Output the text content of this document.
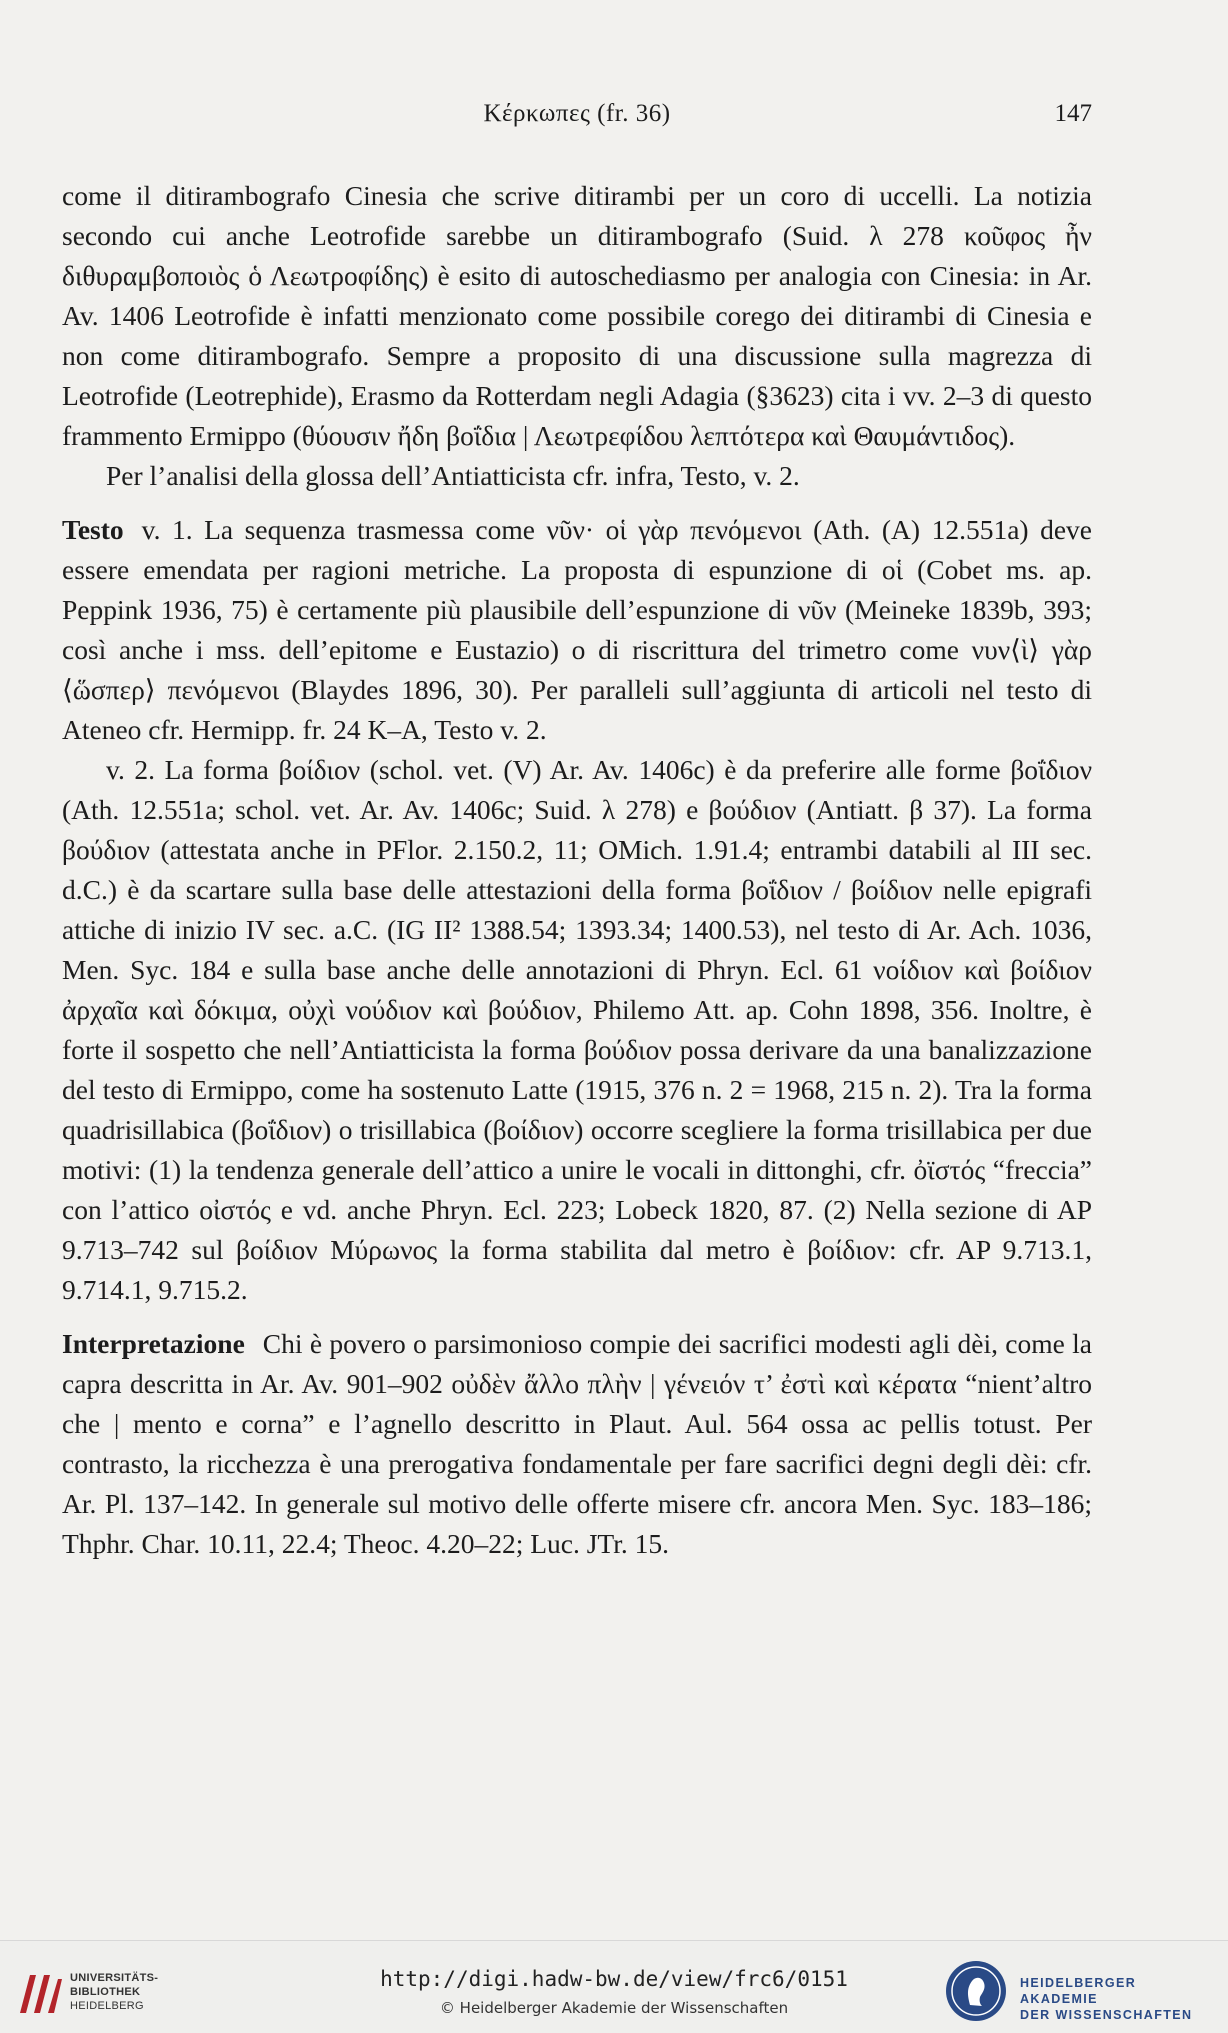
Κέρκωπες (fr. 36)	147

come il ditirambografo Cinesia che scrive ditirambi per un coro di uccelli. La notizia secondo cui anche Leotrofide sarebbe un ditirambografo (Suid. λ 278 κοῦφος ἦν διθυραμβοποιὸς ὁ Λεωτροφίδης) è esito di autoschediasmo per analogia con Cinesia: in Ar. Av. 1406 Leotrofide è infatti menzionato come possibile corego dei ditirambi di Cinesia e non come ditirambografo. Sempre a proposito di una discussione sulla magrezza di Leotrofide (Leotrephide), Erasmo da Rotterdam negli Adagia (§3623) cita i vv. 2–3 di questo frammento Ermippo (θύουσιν ἤδη βοΐδια | Λεωτρεφίδου λεπτότερα καὶ Θαυμάντιδος).

Per l’analisi della glossa dell’Antiatticista cfr. infra, Testo, v. 2.

Testo v. 1. La sequenza trasmessa come νῦν· οἱ γὰρ πενόμενοι (Ath. (A) 12.551a) deve essere emendata per ragioni metriche. La proposta di espunzione di οἱ (Cobet ms. ap. Peppink 1936, 75) è certamente più plausibile dell’espunzione di νῦν (Meineke 1839b, 393; così anche i mss. dell’epitome e Eustazio) o di riscrittura del trimetro come νυν⟨ὶ⟩ γὰρ ⟨ὥσπερ⟩ πενόμενοι (Blaydes 1896, 30). Per paralleli sull’aggiunta di articoli nel testo di Ateneo cfr. Hermipp. fr. 24 K–A, Testo v. 2.

v. 2. La forma βοίδιον (schol. vet. (V) Ar. Av. 1406c) è da preferire alle forme βοΐδιον (Ath. 12.551a; schol. vet. Ar. Av. 1406c; Suid. λ 278) e βούδιον (Antiatt. β 37). La forma βούδιον (attestata anche in PFlor. 2.150.2, 11; OMich. 1.91.4; entrambi databili al III sec. d.C.) è da scartare sulla base delle attestazioni della forma βοΐδιον / βοίδιον nelle epigrafi attiche di inizio IV sec. a.C. (IG II² 1388.54; 1393.34; 1400.53), nel testo di Ar. Ach. 1036, Men. Syc. 184 e sulla base anche delle annotazioni di Phryn. Ecl. 61 νοίδιον καὶ βοίδιον ἀρχαῖα καὶ δόκιμα, οὐχὶ νούδιον καὶ βούδιον, Philemo Att. ap. Cohn 1898, 356. Inoltre, è forte il sospetto che nell’Antiatticista la forma βούδιον possa derivare da una banalizzazione del testo di Ermippo, come ha sostenuto Latte (1915, 376 n. 2 = 1968, 215 n. 2). Tra la forma quadrisillabica (βοΐδιον) o trisillabica (βοίδιον) occorre scegliere la forma trisillabica per due motivi: (1) la tendenza generale dell’attico a unire le vocali in dittonghi, cfr. ὀϊστός “freccia” con l’attico οἰστός e vd. anche Phryn. Ecl. 223; Lobeck 1820, 87. (2) Nella sezione di AP 9.713–742 sul βοίδιον Μύρωνος la forma stabilita dal metro è βοίδιον: cfr. AP 9.713.1, 9.714.1, 9.715.2.

Interpretazione Chi è povero o parsimonioso compie dei sacrifici modesti agli dèi, come la capra descritta in Ar. Av. 901–902 οὐδὲν ἄλλο πλὴν | γένειόν τ’ ἐστὶ καὶ κέρατα “nient’altro che | mento e corna” e l’agnello descritto in Plaut. Aul. 564 ossa ac pellis totust. Per contrasto, la ricchezza è una prerogativa fondamentale per fare sacrifici degni degli dèi: cfr. Ar. Pl. 137–142. In generale sul motivo delle offerte misere cfr. ancora Men. Syc. 183–186; Thphr. Char. 10.11, 22.4; Theoc. 4.20–22; Luc. JTr. 15.

UNIVERSITÄTS-
BIBLIOTHEK
HEIDELBERG
http://digi.hadw-bw.de/view/frc6/0151
© Heidelberger Akademie der Wissenschaften
HEIDELBERGER AKADEMIE
DER WISSENSCHAFTEN
